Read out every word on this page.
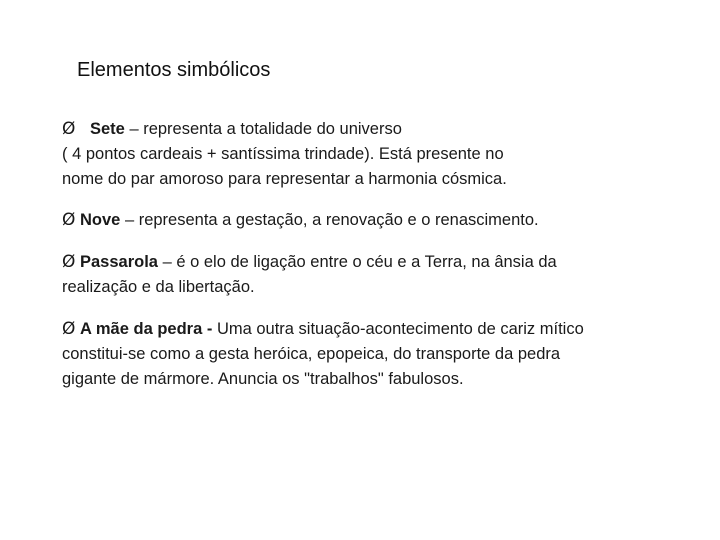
Elementos simbólicos

Ø Sete – representa a totalidade do universo
( 4 pontos cardeais + santíssima trindade). Está presente no nome do par amoroso para representar a harmonia cósmica.

Ø Nove – representa a gestação, a renovação e o renascimento.

Ø Passarola – é o elo de ligação entre o céu e a Terra, na ânsia da realização e da libertação.

Ø A mãe da pedra - Uma outra situação-acontecimento de cariz mítico constitui-se como a gesta heróica, epopeica, do transporte da pedra gigante de mármore. Anuncia os "trabalhos" fabulosos.
